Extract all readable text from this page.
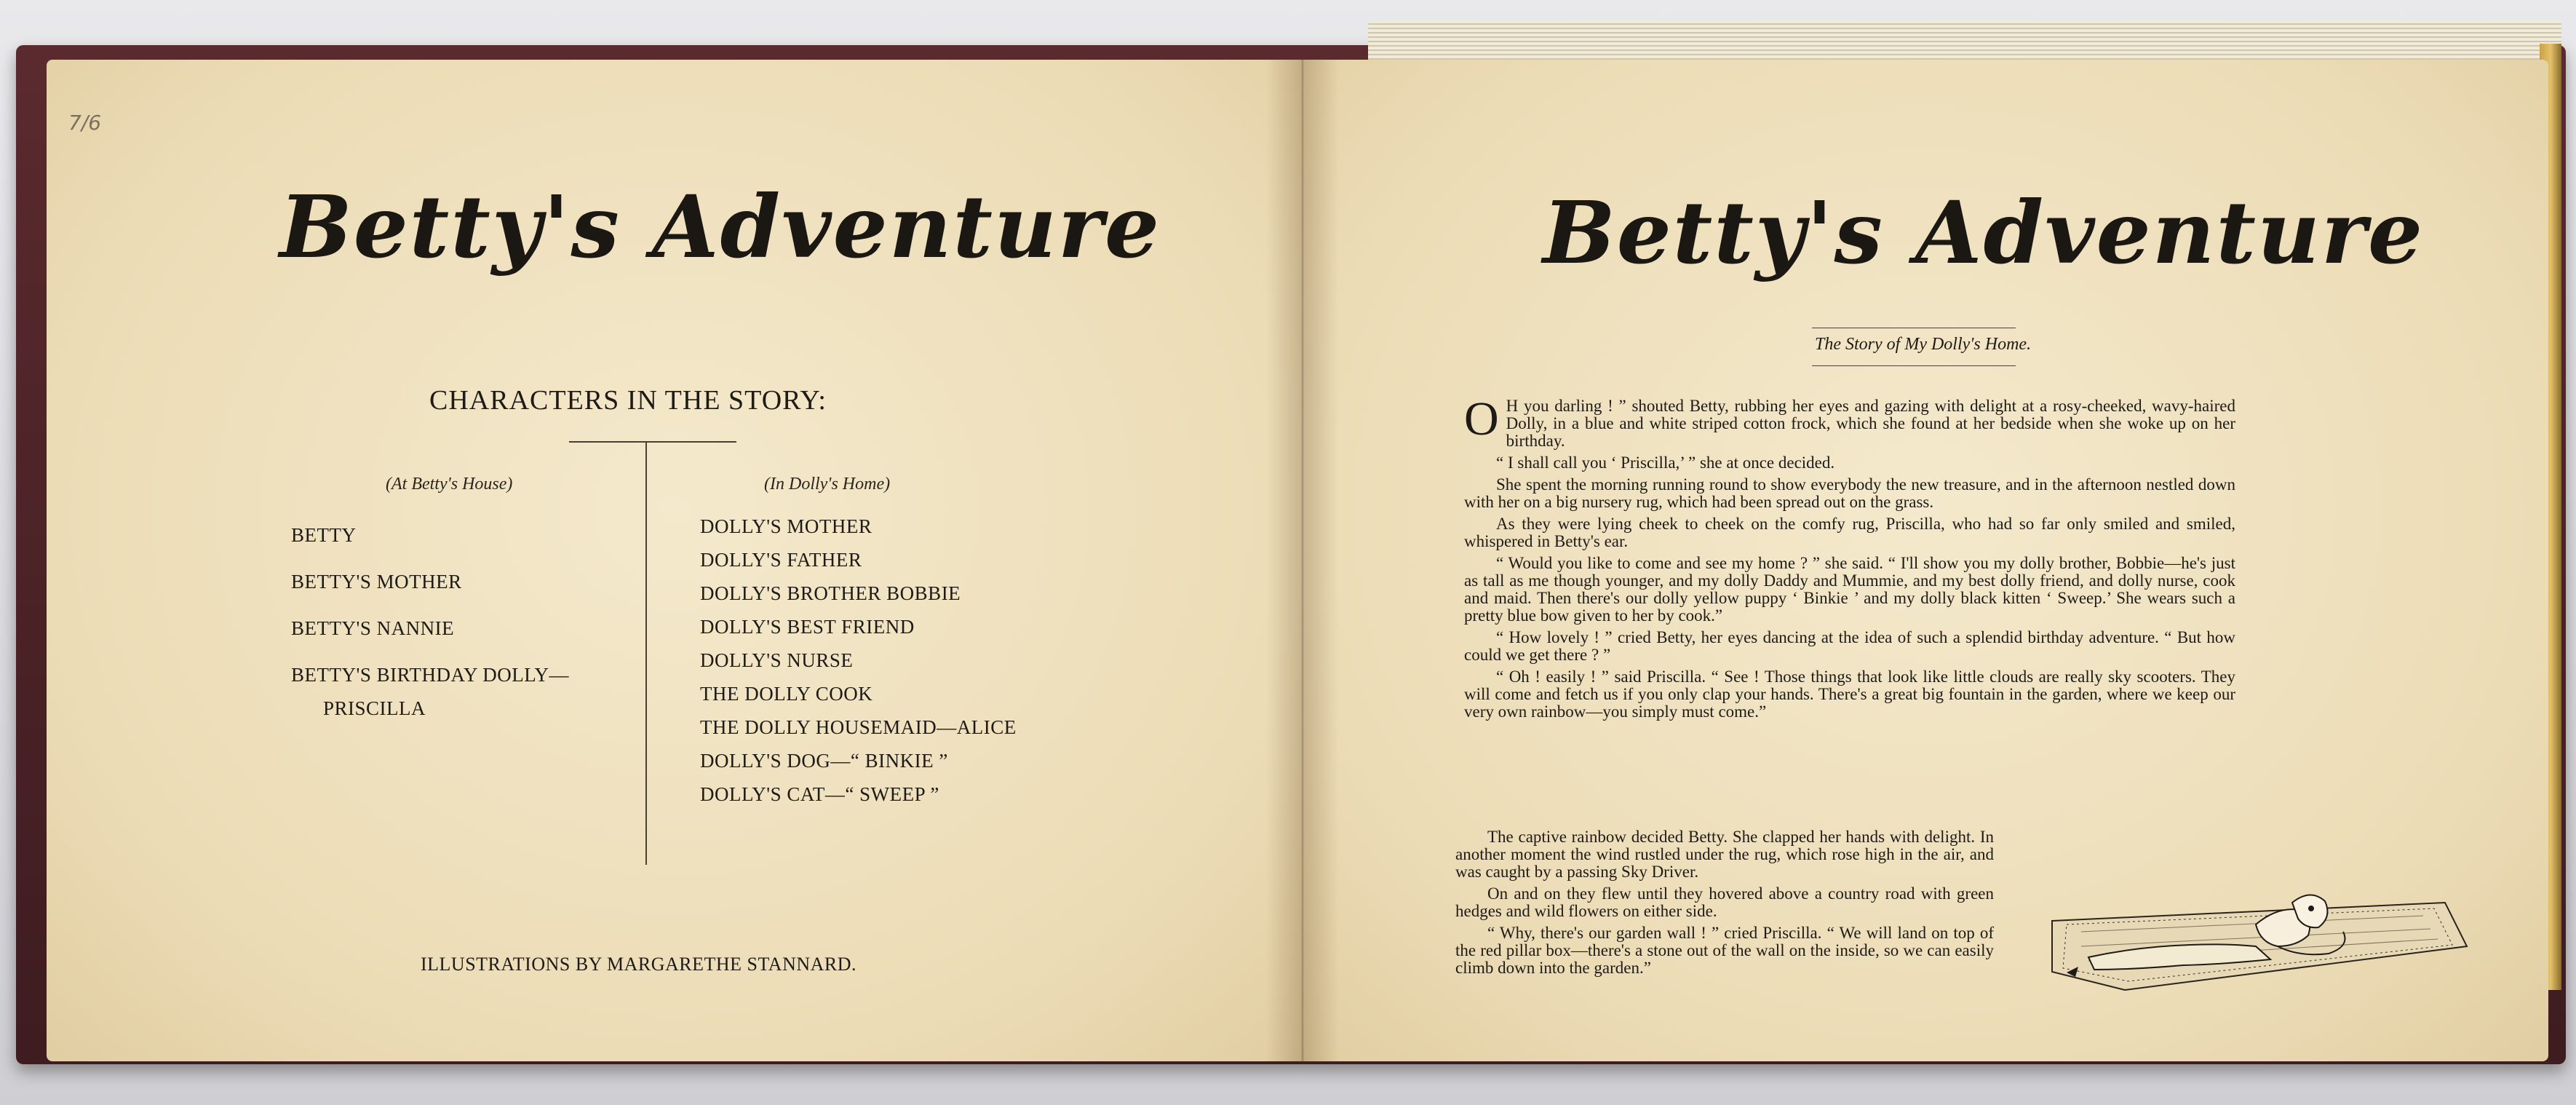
7/6
Betty's Adventure
CHARACTERS IN THE STORY:
(At Betty's House)
BETTY
BETTY'S MOTHER
BETTY'S NANNIE
BETTY'S BIRTHDAY DOLLY—
PRISCILLA
(In Dolly's Home)
DOLLY'S MOTHER
DOLLY'S FATHER
DOLLY'S BROTHER BOBBIE
DOLLY'S BEST FRIEND
DOLLY'S NURSE
THE DOLLY COOK
THE DOLLY HOUSEMAID—ALICE
DOLLY'S DOG—“ BINKIE ”
DOLLY'S CAT—“ SWEEP ”
ILLUSTRATIONS BY MARGARETHE STANNARD.
Betty's Adventure
The Story of My Dolly's Home.

O H you darling ! ” shouted Betty, rubbing her eyes and gazing with delight at a rosy-cheeked, wavy-haired Dolly, in a blue and white striped cotton frock, which she found at her bedside when she woke up on her birthday.

“ I shall call you ‘ Priscilla,’ ” she at once decided.

She spent the morning running round to show everybody the new treasure, and in the afternoon nestled down with her on a big nursery rug, which had been spread out on the grass.

As they were lying cheek to cheek on the comfy rug, Priscilla, who had so far only smiled and smiled, whispered in Betty's ear.

“ Would you like to come and see my home ? ” she said. “ I'll show you my dolly brother, Bobbie—he's just as tall as me though younger, and my dolly Daddy and Mummie, and my best dolly friend, and dolly nurse, cook and maid. Then there's our dolly yellow puppy ‘ Binkie ’ and my dolly black kitten ‘ Sweep.’ She wears such a pretty blue bow given to her by cook.”

“ How lovely ! ” cried Betty, her eyes dancing at the idea of such a splendid birthday adventure. “ But how could we get there ? ”

“ Oh ! easily ! ” said Priscilla. “ See ! Those things that look like little clouds are really sky scooters. They will come and fetch us if you only clap your hands. There's a great big fountain in the garden, where we keep our very own rainbow—you simply must come.”

The captive rainbow decided Betty. She clapped her hands with delight. In another moment the wind rustled under the rug, which rose high in the air, and was caught by a passing Sky Driver.

On and on they flew until they hovered above a country road with green hedges and wild flowers on either side.

“ Why, there's our garden wall ! ” cried Priscilla. “ We will land on top of the red pillar box—there's a stone out of the wall on the inside, so we can easily climb down into the garden.”
